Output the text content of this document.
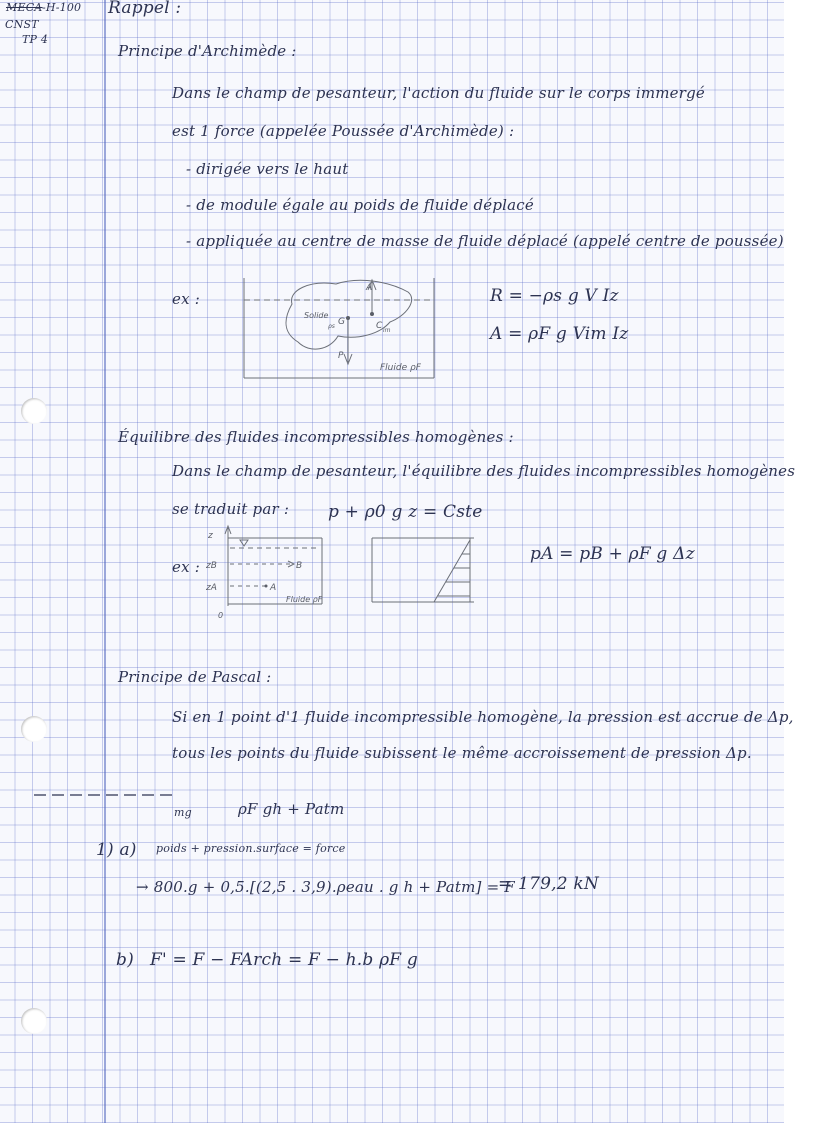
MECA -H-100
CNST
TP 4
Rappel :
Principe d'Archimède :
Dans le champ de pesanteur, l'action du fluide sur le corps immergé
est 1 force (appelée Poussée d'Archimède) :
- dirigée vers le haut
- de module égale au poids de fluide déplacé
- appliquée au centre de masse de fluide déplacé (appelé centre de poussée)
ex :
Solide
ρs G	C im
P
A
Fluide ρF
R = −ρs g V Iz
A = ρF g Vim Iz
Équilibre des fluides incompressibles homogènes :
Dans le champ de pesanteur, l'équilibre des fluides incompressibles homogènes
se traduit par : p + ρ0 g z = Cste
ex :
z
zB
zA
0
B
A
Fluide ρF
pA = pB + ρF g Δz
Principe de Pascal :
Si en 1 point d'1 fluide incompressible homogène, la pression est accrue de Δp,
tous les points du fluide subissent le même accroissement de pression Δp.
mg	ρF gh + Patm
1) a) poids + pression.surface = force
→ 800.g + 0,5.[(2,5 . 3,9).ρeau . g h + Patm] = F
= 179,2 kN
b) F' = F − FArch = F − h.b ρF g
